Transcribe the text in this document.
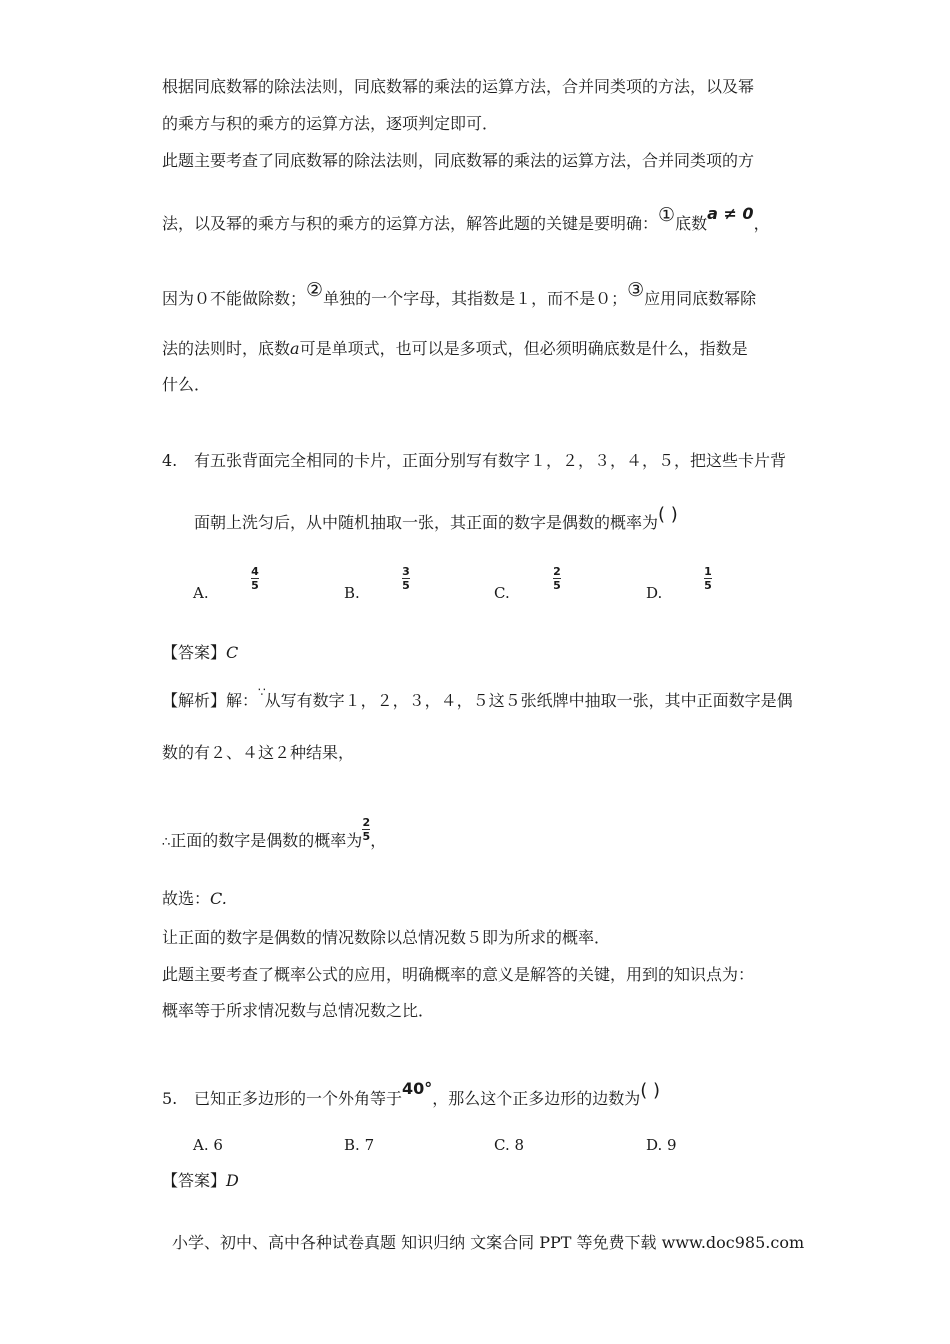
根据同底数幂的除法法则，同底数幂的乘法的运算方法，合并同类项的方法，以及幂
的乘方与积的乘方的运算方法，逐项判定即可．
此题主要考查了同底数幂的除法法则，同底数幂的乘法的运算方法，合并同类项的方
法，以及幂的乘方与积的乘方的运算方法，解答此题的关键是要明确：①底数a ≠ 0，
因为０不能做除数；②单独的一个字母，其指数是１，而不是０；③应用同底数幂除
法的法则时，底数a可是单项式，也可以是多项式，但必须明确底数是什么，指数是
什么．
4. 有五张背面完全相同的卡片，正面分别写有数字１，２，３，４，５，把这些卡片背
面朝上洗匀后，从中随机抽取一张，其正面的数字是偶数的概率为( )
A.
$\frac{4}{5}$
B.
$\frac{3}{5}$
C.
$\frac{2}{5}$
D.
$\frac{1}{5}$
【答案】C
【解析】解：∵从写有数字１，２，３，４，５这５张纸牌中抽取一张，其中正面数字是偶
数的有２、４这２种结果，
∴正面的数字是偶数的概率为 $\frac{2}{5}$ ，
故选：C.
让正面的数字是偶数的情况数除以总情况数５即为所求的概率．
此题主要考查了概率公式的应用，明确概率的意义是解答的关键，用到的知识点为：
概率等于所求情况数与总情况数之比．
5. 已知正多边形的一个外角等于40°，那么这个正多边形的边数为( )
A. 6	B. 7	C. 8	D. 9
【答案】D
小学、初中、高中各种试卷真题 知识归纳 文案合同 PPT 等免费下载 www.doc985.com
